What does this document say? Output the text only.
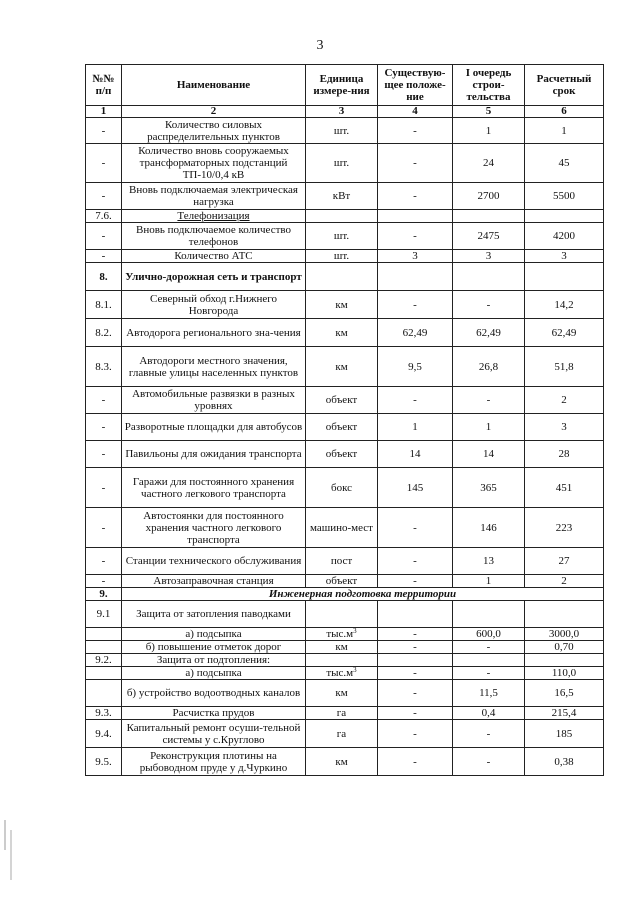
3
№№ п/п	Наименование	Единица измере-ния	Существую-щее положе-ние	I очередь строи-тельства	Расчетный срок
1	2	3	4	5	6
-	Количество силовых распределительных пунктов	шт.	-	1	1
-	Количество вновь сооружаемых трансформаторных подстанций ТП-10/0,4 кВ	шт.	-	24	45
-	Вновь подключаемая электрическая нагрузка	кВт	-	2700	5500
7.6.	Телефонизация				
-	Вновь подключаемое количество телефонов	шт.	-	2475	4200
-	Количество АТС	шт.	3	3	3
8.	Улично-дорожная сеть и транспорт				
8.1.	Северный обход г.Нижнего Новгорода	км	-	-	14,2
8.2.	Автодорога регионального зна-чения	км	62,49	62,49	62,49
8.3.	Автодороги местного значения, главные улицы населенных пунктов	км	9,5	26,8	51,8
-	Автомобильные развязки в разных уровнях	объект	-	-	2
-	Разворотные площадки для автобусов	объект	1	1	3
-	Павильоны для ожидания транспорта	объект	14	14	28
-	Гаражи для постоянного хранения частного легкового транспорта	бокс	145	365	451
-	Автостоянки для постоянного хранения частного легкового транспорта	машино-мест	-	146	223
-	Станции технического обслуживания	пост	-	13	27
-	Автозаправочная станция	объект	-	1	2
9.	Инженерная подготовка территории				
9.1	Защита от затопления паводками				
	а) подсыпка	$тыс.м^3$	-	600,0	3000,0
	б) повышение отметок дорог	км	-	-	0,70
9.2.	Защита от подтопления:				
	а) подсыпка	$тыс.м^3$	-	-	110,0
	б) устройство водоотводных каналов	км	-	11,5	16,5
9.3.	Расчистка прудов	га	-	0,4	215,4
9.4.	Капитальный ремонт осуши-тельной системы у с.Круглово	га	-	-	185
9.5.	Реконструкция плотины на рыбоводном пруде у д.Чуркино	км	-	-	0,38
